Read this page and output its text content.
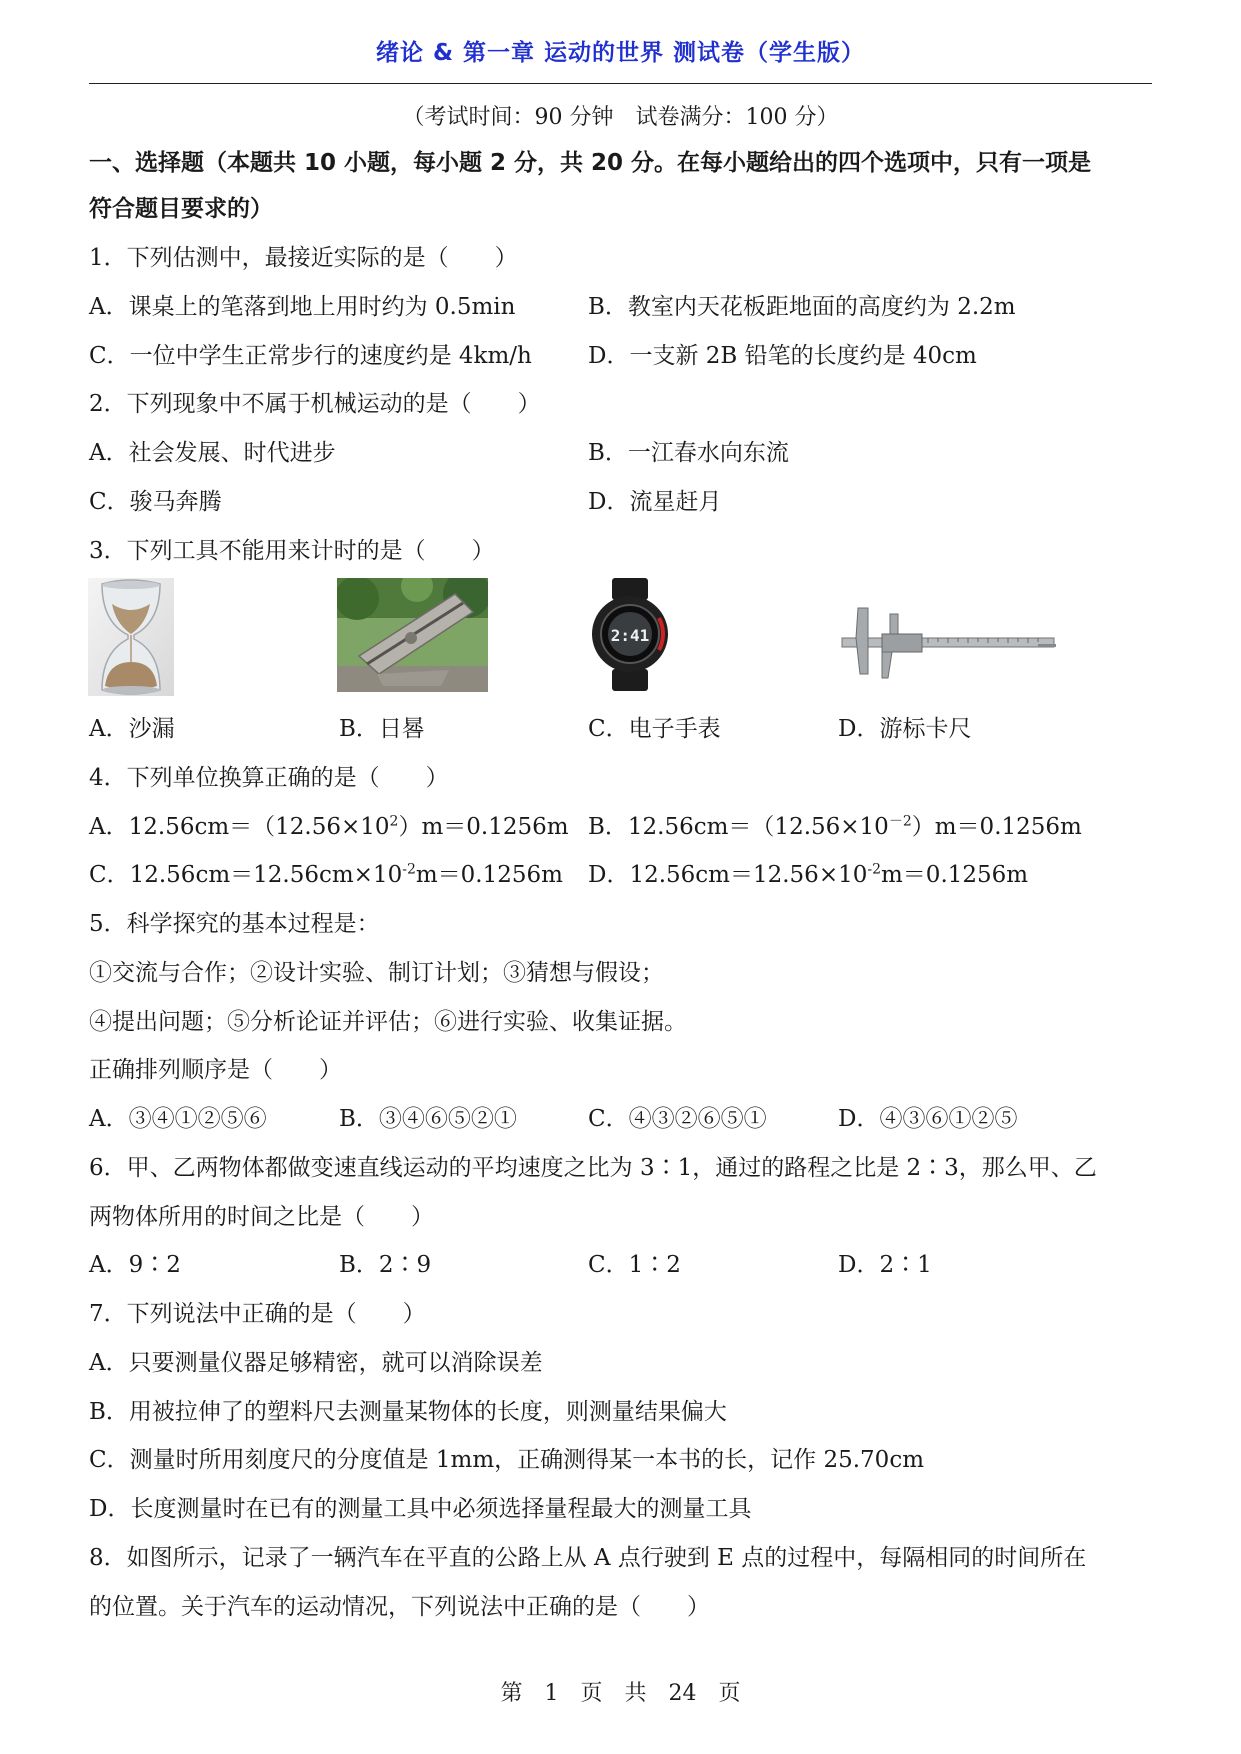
绪论 & 第一章 运动的世界 测试卷（学生版）
（考试时间：90 分钟　试卷满分：100 分）
一、选择题（本题共 10 小题，每小题 2 分，共 20 分。在每小题给出的四个选项中，只有一项是
符合题目要求的）
1．下列估测中，最接近实际的是（　　）
A．课桌上的笔落到地上用时约为 0.5min	B．教室内天花板距地面的高度约为 2.2m
C．一位中学生正常步行的速度约是 4km/h D．一支新 2B 铅笔的长度约是 40cm
2．下列现象中不属于机械运动的是（　　）
A．社会发展、时代进步	B．一江春水向东流
C．骏马奔腾	D．流星赶月
3．下列工具不能用来计时的是（　　）
2:41
A．沙漏	B．日晷	C．电子手表	D．游标卡尺
4．下列单位换算正确的是（　　）
A．$12.56cm=(12.56\times 10^2)m=0.1256m$ B．$12.56cm=(12.56\times 10^{-2})m=0.1256m$
C．$12.56cm=12.56cm\times 10^{-2}m=0.1256m$ D．$12.56cm=12.56\times 10^{-2}m=0.1256m$
5．科学探究的基本过程是：
①交流与合作；②设计实验、制订计划；③猜想与假设；
④提出问题；⑤分析论证并评估；⑥进行实验、收集证据。
正确排列顺序是（　　）
A．③④①②⑤⑥	B．③④⑥⑤②①	C．④③②⑥⑤①	D．④③⑥①②⑤
6．甲、乙两物体都做变速直线运动的平均速度之比为 3∶1，通过的路程之比是 2∶3，那么甲、乙
两物体所用的时间之比是（　　）
A．9∶2	B．2∶9	C．1∶2	D．2∶1
7．下列说法中正确的是（　　）
A．只要测量仪器足够精密，就可以消除误差
B．用被拉伸了的塑料尺去测量某物体的长度，则测量结果偏大
C．测量时所用刻度尺的分度值是 1mm，正确测得某一本书的长，记作 25.70cm
D．长度测量时在已有的测量工具中必须选择量程最大的测量工具
8．如图所示，记录了一辆汽车在平直的公路上从 A 点行驶到 E 点的过程中，每隔相同的时间所在
的位置。关于汽车的运动情况，下列说法中正确的是（　　）
第　1　页　共　24　页
